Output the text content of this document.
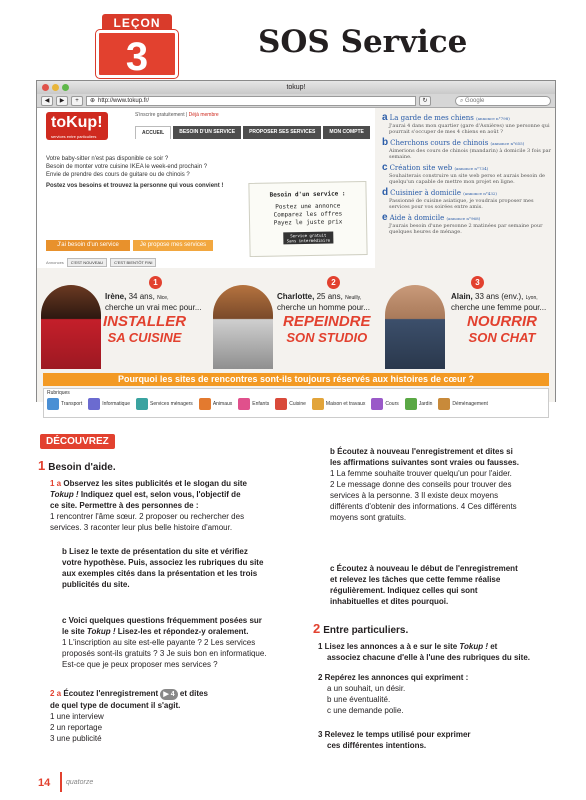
LEÇON
3	SOS Service
tokup!
◀	▶	+	⊕ http://www.tokup.fr/	↻	⌕ Google
toKup!
services entre particuliers
S'inscrire gratuitement | Déjà membre
ACCUEIL	BESOIN D'UN SERVICE	PROPOSER SES SERVICES	MON COMPTE

Votre baby-sitter n'est pas disponible ce soir ?

Besoin de monter votre cuisine IKEA le week-end prochain ?

Envie de prendre des cours de guitare ou de chinois ?

Postez vos besoins et trouvez la personne qui vous convient !

Besoin d'un service :
Postez une annonce
Comparez les offres
Payez le juste prix
Service gratuit
Sans intermédiaire
J'ai besoin d'un service	Je propose mes services
Annonces	C'EST NOUVEAU	C'EST BIENTÔT FINI
a La garde de mes chiens (annonce n°798)
J'aurai 4 dans mon quartier (gare d'Asnières) une personne qui pourrait s'occuper de mes 4 chiens en août ?
b Cherchons cours de chinois (annonce n°655)
Aimerions des cours de chinois (mandarin) à domicile 3 fois par semaine.
c Création site web (annonce n°734)
Souhaiterais construire un site web perso et aurais besoin de quelqu'un capable de mettre mon projet en ligne.
d Cuisinier à domicile (annonce n°432)
Passionné de cuisine asiatique, je voudrais proposer mes services pour vos soirées entre amis.
e Aide à domicile (annonce n°968)
J'aurais besoin d'une personne 2 matinées par semaine pour quelques heures de ménage.
1
Irène, 34 ans, Nice,
cherche un vrai mec pour...
INSTALLER
SA CUISINE
2
Charlotte, 25 ans, Neuilly,
cherche un homme pour...
REPEINDRE
SON STUDIO
3
Alain, 33 ans (env.), Lyon,
cherche une femme pour...
NOURRIR
SON CHAT
Pourquoi les sites de rencontres sont-ils toujours réservés aux histoires de cœur ?
Rubriques
Transport	Informatique	Services ménagers	Animaux	Enfants	Cuisine	Maison et travaux	Cours	Jardin	Déménagement
DÉCOUVREZ
1 Besoin d'aide.
1 a Observez les sites publicités et le slogan du site
Tokup ! Indiquez quel est, selon vous, l'objectif de
ce site. Permettre à des personnes de :
1 rencontrer l'âme sœur. 2 proposer ou rechercher des
services. 3 raconter leur plus belle histoire d'amour.
b Lisez le texte de présentation du site et vérifiez
votre hypothèse. Puis, associez les rubriques du site
aux exemples cités dans la présentation et les trois
publicités du site.
c Voici quelques questions fréquemment posées sur
le site Tokup ! Lisez-les et répondez-y oralement.
1 L'inscription au site est-elle payante ? 2 Les services
proposés sont-ils gratuits ? 3 Je suis bon en informatique.
Est-ce que je peux proposer mes services ?
2 a Écoutez l'enregistrement ▶ 4 et dites
de quel type de document il s'agit.
1 une interview
2 un reportage
3 une publicité
b Écoutez à nouveau l'enregistrement et dites si
les affirmations suivantes sont vraies ou fausses.
1 La femme souhaite trouver quelqu'un pour l'aider.
2 Le message donne des conseils pour trouver des
services à la personne. 3 Il existe deux moyens
différents d'obtenir des informations. 4 Ces différents
moyens sont gratuits.
c Écoutez à nouveau le début de l'enregistrement
et relevez les tâches que cette femme réalise
régulièrement. Indiquez celles qui sont
inhabituelles et dites pourquoi.
2 Entre particuliers.
1 Lisez les annonces a à e sur le site Tokup ! et
associez chacune d'elle à l'une des rubriques du site.
2 Repérez les annonces qui expriment :
a un souhait, un désir.
b une éventualité.
c une demande polie.
3 Relevez le temps utilisé pour exprimer
ces différentes intentions.
14 quatorze
